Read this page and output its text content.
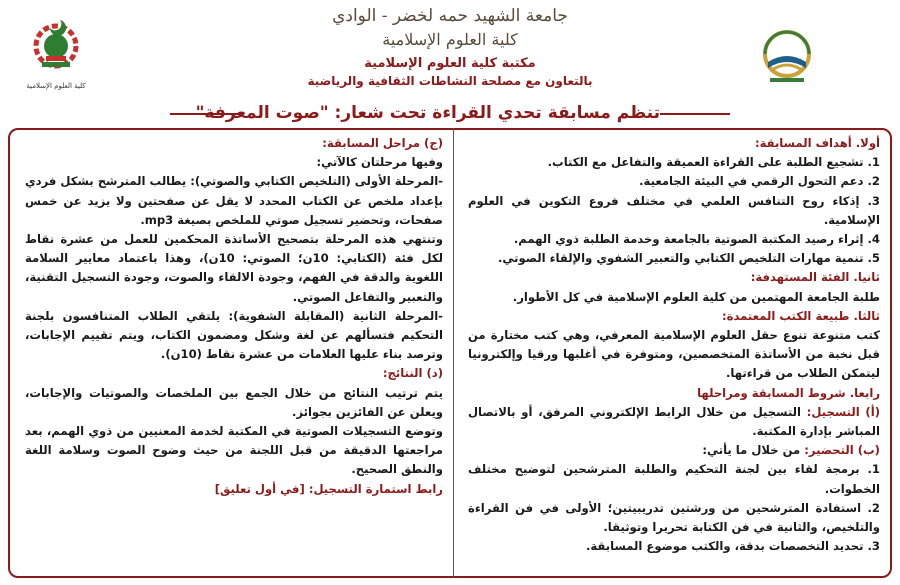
جامعة الشهيد حمه لخضر - الوادي
كلية العلوم الإسلامية
مكتبة كلية العلوم الإسلامية
بالتعاون مع مصلحة النشاطات الثقافية والرياضية
كلية العلوم الإسلامية
تنظم مسابقة تحدي القراءة تحت شعار: "صوت المعرفة"

أولا. أهداف المسابقة:

1. تشجيع الطلبة على القراءة العميقة والتفاعل مع الكتاب.

2. دعم التحول الرقمي في البيئة الجامعية.

3. إذكاء روح التنافس العلمي في مختلف فروع التكوين في العلوم الإسلامية.

4. إثراء رصيد المكتبة الصوتية بالجامعة وخدمة الطلبة ذوي الهمم.

5. تنمية مهارات التلخيص الكتابي والتعبير الشفوي والإلقاء الصوتي.

ثانيا. الفئة المستهدفة:

طلبة الجامعة المهتمين من كلية العلوم الإسلامية في كل الأطوار.

ثالثا. طبيعة الكتب المعتمدة:

كتب متنوعة تنوع حقل العلوم الإسلامية المعرفي، وهي كتب مختارة من قبل نخبة من الأساتذة المتخصصين، ومتوفرة في أغلبها ورقيا وإلكترونيا ليتمكن الطلاب من قراءتها.

رابعا. شروط المسابقة ومراحلها

(أ) التسجيل: التسجيل من خلال الرابط الإلكتروني المرفق، أو بالاتصال المباشر بإدارة المكتبة.

(ب) التحضير: من خلال ما يأتي:

1. برمجة لقاء بين لجنة التحكيم والطلبة المترشحين لتوضيح مختلف الخطوات.

2. استفادة المترشحين من ورشتين تدريبيتين؛ الأولى في فن القراءة والتلخيص، والثانية في فن الكتابة تحريرا وتوثيقا.

3. تحديد التخصصات بدقة، والكتب موضوع المسابقة.

(ج) مراحل المسابقة:

وفيها مرحلتان كالآتي:

-المرحلة الأولى (التلخيص الكتابي والصوتي): يطالب المترشح بشكل فردي بإعداد ملخص عن الكتاب المحدد لا يقل عن صفحتين ولا يزيد عن خمس صفحات، وتحضير تسجيل صوتي للملخص بصيغة mp3.

وتنتهي هذه المرحلة بتصحيح الأساتذة المحكمين للعمل من عشرة نقاط لكل فئة (الكتابي: 10ن؛ الصوتي: 10ن)، وهذا باعتماد معايير السلامة اللغوية والدقة في الفهم، وجودة الالقاء والصوت، وجودة التسجيل التقنية، والتعبير والتفاعل الصوتي.

-المرحلة الثانية (المقابلة الشفوية): يلتقي الطلاب المتنافسون بلجنة التحكيم فتسألهم عن لغة وشكل ومضمون الكتاب، ويتم تقييم الإجابات، وترصد بناء عليها العلامات من عشرة نقاط (10ن).

(د) النتائج:

يتم ترتيب النتائج من خلال الجمع بين الملخصات والصوتيات والإجابات، ويعلن عن الفائزين بجوائز.

وتوضع التسجيلات الصوتية في المكتبة لخدمة المعنيين من ذوي الهمم، بعد مراجعتها الدقيقة من قبل اللجنة من حيث وضوح الصوت وسلامة اللغة والنطق الصحيح.

رابط استمارة التسجيل: [في أول تعليق]
